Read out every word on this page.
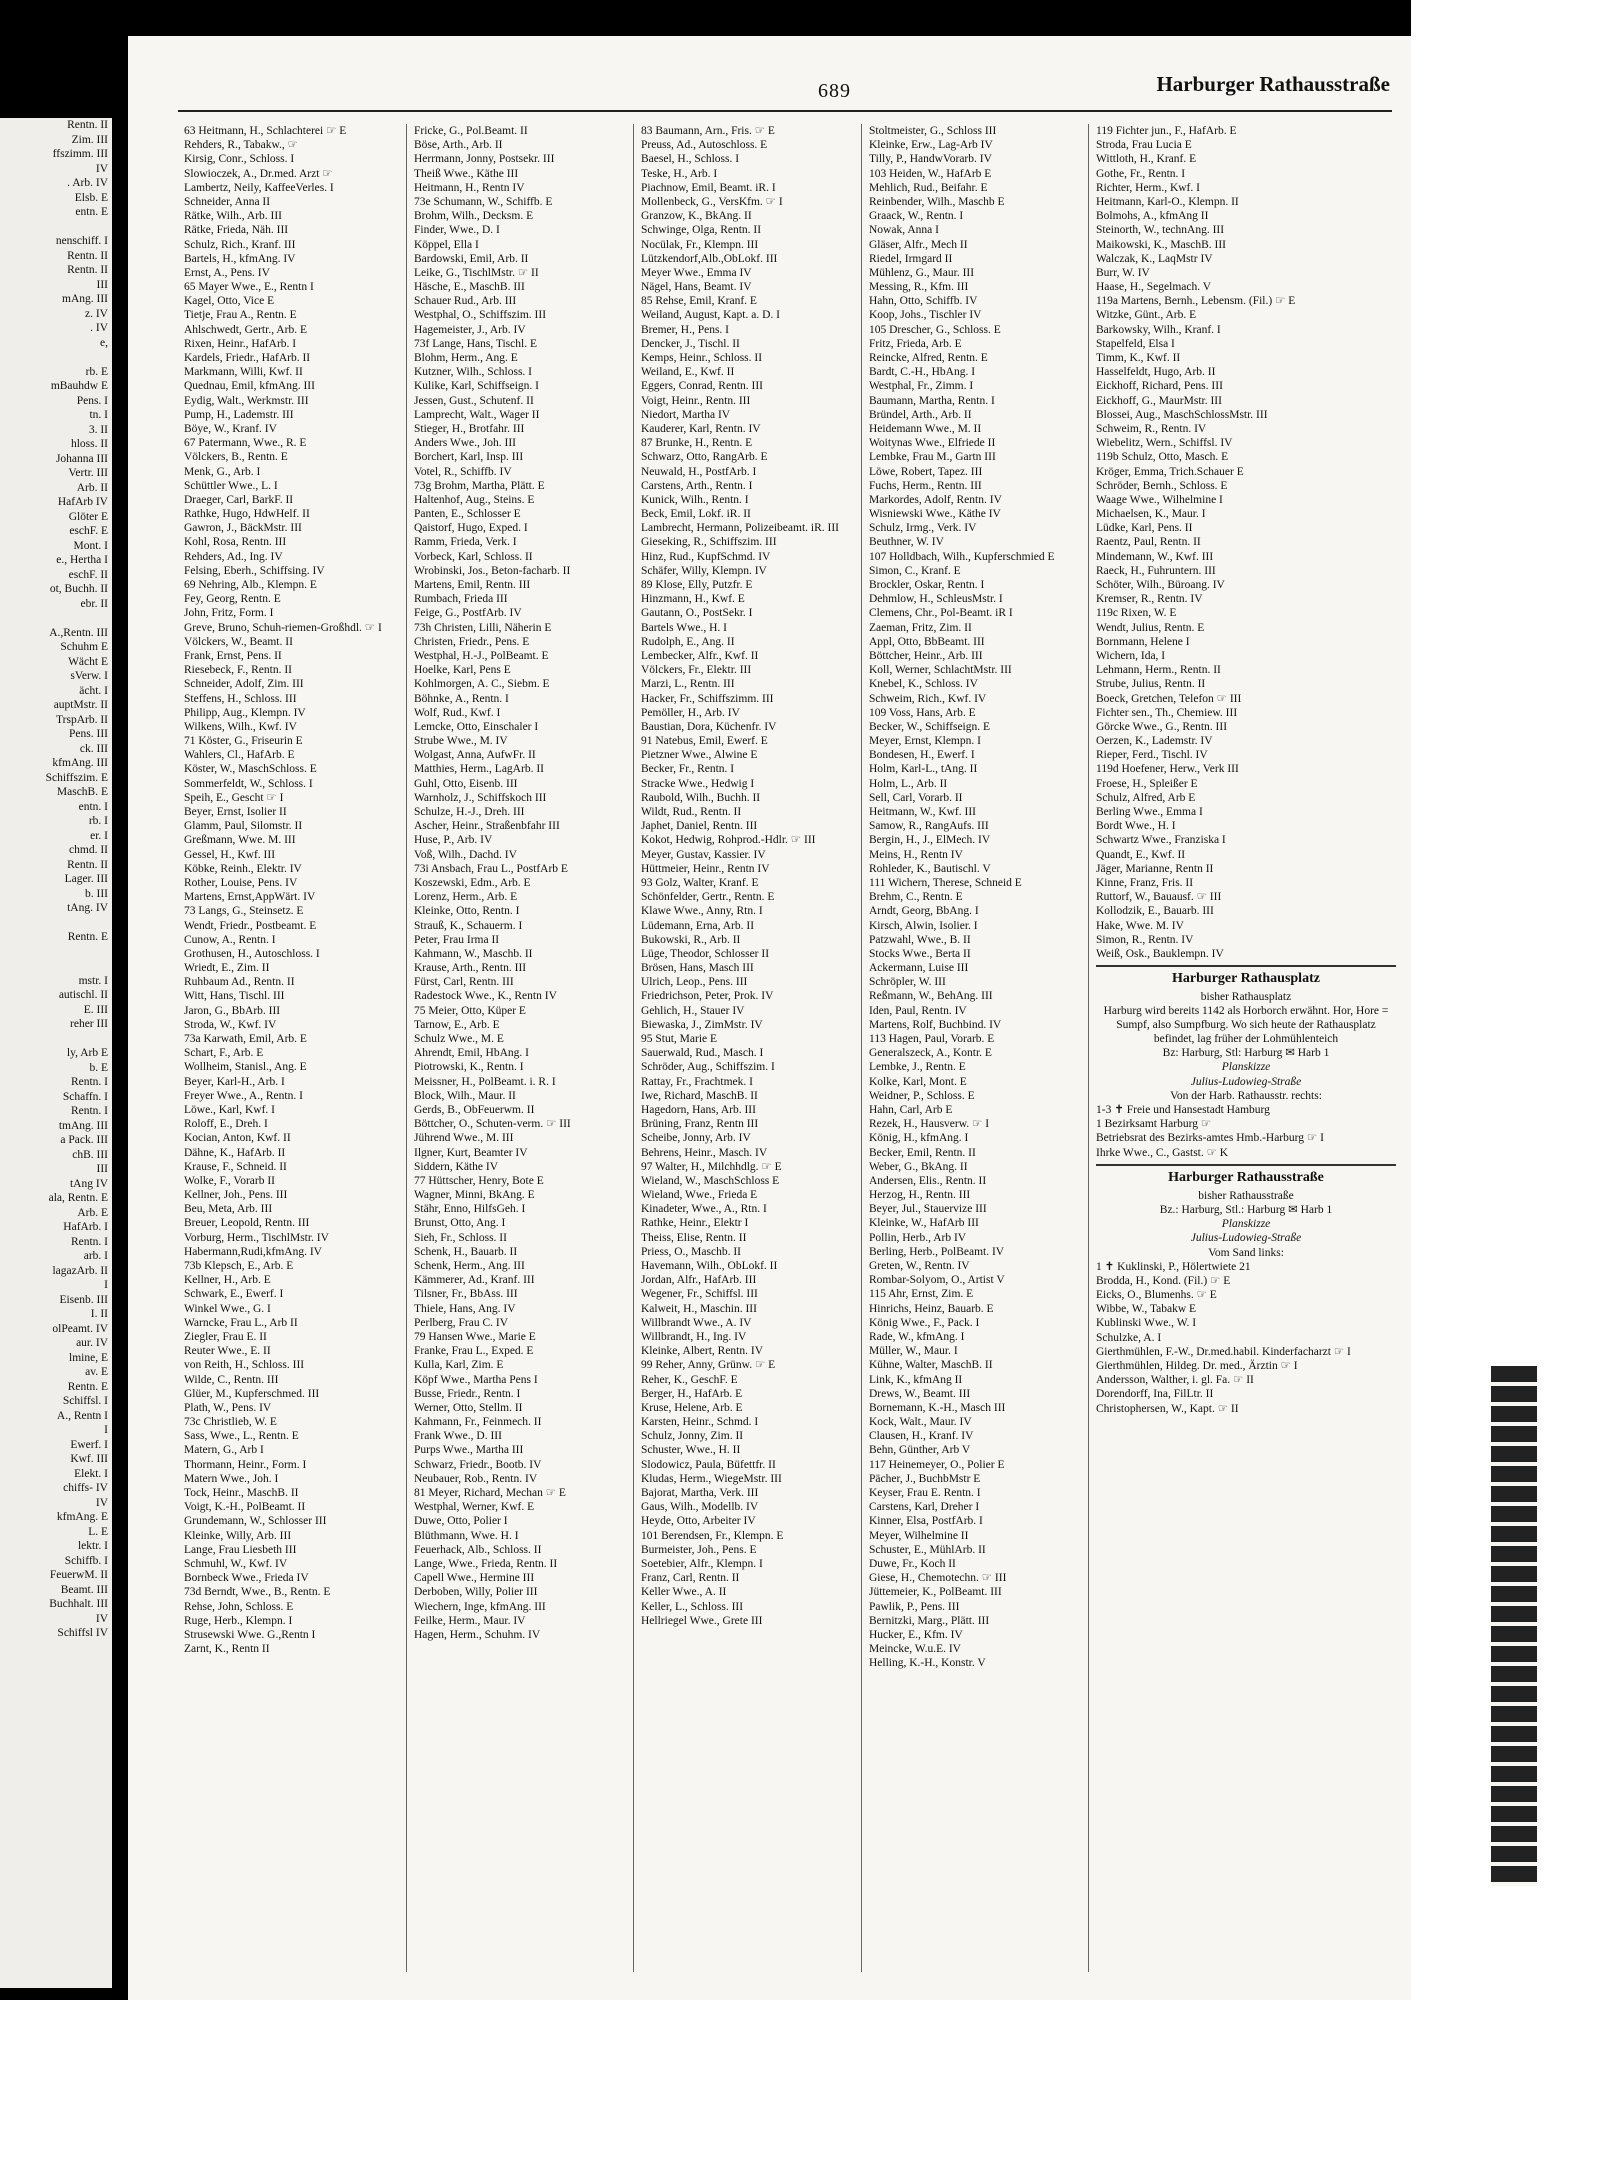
Rentn. II
Zim. III
ffszimm. III
IV
. Arb. IV
Elsb. E
entn. E
nenschiff. I
Rentn. II
Rentn. II
III
mAng. III
z. IV
. IV
e,
rb. E
mBauhdw E
Pens. I
tn. I
3. II
hloss. II
Johanna III
Vertr. III
Arb. II
HafArb IV
Glöter E
eschF. E
Mont. I
e., Hertha I
eschF. II
ot, Buchh. II
ebr. II
A.,Rentn. III
Schuhm E
Wächt E
sVerw. I
ächt. I
auptMstr. II
TrspArb. II
Pens. III
ck. III
kfmAng. III
Schiffszim. E
MaschB. E
entn. I
rb. I
er. I
chmd. II
Rentn. II
Lager. III
b. III
tAng. IV
Rentn. E
mstr. I
autischl. II
E. III
reher III
ly, Arb E
b. E
Rentn. I
Schaffn. I
Rentn. I
tmAng. III
a Pack. III
chB. III
III
tAng IV
ala, Rentn. E
Arb. E
HafArb. I
Rentn. I
arb. I
lagazArb. II
I
Eisenb. III
I. II
olPeamt. IV
aur. IV
lmine, E
av. E
Rentn. E
Schiffsl. I
A., Rentn I
I
Ewerf. I
Kwf. III
Elekt. I
chiffs- IV
IV
kfmAng. E
L. E
lektr. I
Schiffb. I
FeuerwM. II
Beamt. III
Buchhalt. III
IV
Schiffsl IV
689	Harburger Rathausstraße
63 Heitmann, H., Schlachterei ☞ E
Rehders, R., Tabakw., ☞
Kirsig, Conr., Schloss. I
Slowioczek, A., Dr.med. Arzt ☞
Lambertz, Neily, KaffeeVerles. I
Schneider, Anna II
Rätke, Wilh., Arb. III
Rätke, Frieda, Näh. III
Schulz, Rich., Kranf. III
Bartels, H., kfmAng. IV
Ernst, A., Pens. IV
65 Mayer Wwe., E., Rentn I
Kagel, Otto, Vice E
Tietje, Frau A., Rentn. E
Ahlschwedt, Gertr., Arb. E
Rixen, Heinr., HafArb. I
Kardels, Friedr., HafArb. II
Markmann, Willi, Kwf. II
Quednau, Emil, kfmAng. III
Eydig, Walt., Werkmstr. III
Pump, H., Lademstr. III
Böye, W., Kranf. IV
67 Patermann, Wwe., R. E
Völckers, B., Rentn. E
Menk, G., Arb. I
Schüttler Wwe., L. I
Draeger, Carl, BarkF. II
Rathke, Hugo, HdwHelf. II
Gawron, J., BäckMstr. III
Kohl, Rosa, Rentn. III
Rehders, Ad., Ing. IV
Felsing, Eberh., Schiffsing. IV
69 Nehring, Alb., Klempn. E
Fey, Georg, Rentn. E
John, Fritz, Form. I
Greve, Bruno, Schuh-riemen-Großhdl. ☞ I
Völckers, W., Beamt. II
Frank, Ernst, Pens. II
Riesebeck, F., Rentn. II
Schneider, Adolf, Zim. III
Steffens, H., Schloss. III
Philipp, Aug., Klempn. IV
Wilkens, Wilh., Kwf. IV
71 Köster, G., Friseurin E
Wahlers, Cl., HafArb. E
Köster, W., MaschSchloss. E
Sommerfeldt, W., Schloss. I
Speih, E., Gescht ☞ I
Beyer, Ernst, Isolier II
Glamm, Paul, Silomstr. II
Greßmann, Wwe. M. III
Gessel, H., Kwf. III
Köbke, Reinh., Elektr. IV
Rother, Louise, Pens. IV
Martens, Ernst,AppWärt. IV
73 Langs, G., Steinsetz. E
Wendt, Friedr., Postbeamt. E
Cunow, A., Rentn. I
Grothusen, H., Autoschloss. I
Wriedt, E., Zim. II
Ruhbaum Ad., Rentn. II
Witt, Hans, Tischl. III
Jaron, G., BbArb. III
Stroda, W., Kwf. IV
73a Karwath, Emil, Arb. E
Schart, F., Arb. E
Wollheim, Stanisl., Ang. E
Beyer, Karl-H., Arb. I
Freyer Wwe., A., Rentn. I
Löwe., Karl, Kwf. I
Roloff, E., Dreh. I
Kocian, Anton, Kwf. II
Dähne, K., HafArb. II
Krause, F., Schneid. II
Wolke, F., Vorarb II
Kellner, Joh., Pens. III
Beu, Meta, Arb. III
Breuer, Leopold, Rentn. III
Vorburg, Herm., TischlMstr. IV
Habermann,Rudi,kfmAng. IV
73b Klepsch, E., Arb. E
Kellner, H., Arb. E
Schwark, E., Ewerf. I
Winkel Wwe., G. I
Warncke, Frau L., Arb II
Ziegler, Frau E. II
Reuter Wwe., E. II
von Reith, H., Schloss. III
Wilde, C., Rentn. III
Glüer, M., Kupferschmed. III
Plath, W., Pens. IV
73c Christlieb, W. E
Sass, Wwe., L., Rentn. E
Matern, G., Arb I
Thormann, Heinr., Form. I
Matern Wwe., Joh. I
Tock, Heinr., MaschB. II
Voigt, K.-H., PolBeamt. II
Grundemann, W., Schlosser III
Kleinke, Willy, Arb. III
Lange, Frau Liesbeth III
Schmuhl, W., Kwf. IV
Bornbeck Wwe., Frieda IV
73d Berndt, Wwe., B., Rentn. E
Rehse, John, Schloss. E
Ruge, Herb., Klempn. I
Strusewski Wwe. G.,Rentn I
Zarnt, K., Rentn II
Fricke, G., Pol.Beamt. II
Böse, Arth., Arb. II
Herrmann, Jonny, Postsekr. III
Theiß Wwe., Käthe III
Heitmann, H., Rentn IV
73e Schumann, W., Schiffb. E
Brohm, Wilh., Decksm. E
Finder, Wwe., D. I
Köppel, Ella I
Bardowski, Emil, Arb. II
Leike, G., TischlMstr. ☞ II
Häsche, E., MaschB. III
Schauer Rud., Arb. III
Westphal, O., Schiffszim. III
Hagemeister, J., Arb. IV
73f Lange, Hans, Tischl. E
Blohm, Herm., Ang. E
Kutzner, Wilh., Schloss. I
Kulike, Karl, Schiffseign. I
Jessen, Gust., Schutenf. II
Lamprecht, Walt., Wager II
Stieger, H., Brotfahr. III
Anders Wwe., Joh. III
Borchert, Karl, Insp. III
Votel, R., Schiffb. IV
73g Brohm, Martha, Plätt. E
Haltenhof, Aug., Steins. E
Panten, E., Schlosser E
Qaistorf, Hugo, Exped. I
Ramm, Frieda, Verk. I
Vorbeck, Karl, Schloss. II
Wrobinski, Jos., Beton-facharb. II
Martens, Emil, Rentn. III
Rumbach, Frieda III
Feige, G., PostfArb. IV
73h Christen, Lilli, Näherin E
Christen, Friedr., Pens. E
Westphal, H.-J., PolBeamt. E
Hoelke, Karl, Pens E
Kohlmorgen, A. C., Siebm. E
Böhnke, A., Rentn. I
Wolf, Rud., Kwf. I
Lemcke, Otto, Einschaler I
Strube Wwe., M. IV
Wolgast, Anna, AufwFr. II
Matthies, Herm., LagArb. II
Guhl, Otto, Eisenb. III
Warnholz, J., Schiffskoch III
Schulze, H.-J., Dreh. III
Ascher, Heinr., Straßenbfahr III
Huse, P., Arb. IV
Voß, Wilh., Dachd. IV
73i Ansbach, Frau L., PostfArb E
Koszewski, Edm., Arb. E
Lorenz, Herm., Arb. E
Kleinke, Otto, Rentn. I
Strauß, K., Schauerm. I
Peter, Frau Irma II
Kahmann, W., Maschb. II
Krause, Arth., Rentn. III
Fürst, Carl, Rentn. III
Radestock Wwe., K., Rentn IV
75 Meier, Otto, Küper E
Tarnow, E., Arb. E
Schulz Wwe., M. E
Ahrendt, Emil, HbAng. I
Piotrowski, K., Rentn. I
Meissner, H., PolBeamt. i. R. I
Block, Wilh., Maur. II
Gerds, B., ObFeuerwm. II
Böttcher, O., Schuten-verm. ☞ III
Jührend Wwe., M. III
Ilgner, Kurt, Beamter IV
Siddern, Käthe IV
77 Hüttscher, Henry, Bote E
Wagner, Minni, BkAng. E
Stähr, Enno, HilfsGeh. I
Brunst, Otto, Ang. I
Sieh, Fr., Schloss. II
Schenk, H., Bauarb. II
Schenk, Herm., Ang. III
Kämmerer, Ad., Kranf. III
Tilsner, Fr., BbAss. III
Thiele, Hans, Ang. IV
Perlberg, Frau C. IV
79 Hansen Wwe., Marie E
Franke, Frau L., Exped. E
Kulla, Karl, Zim. E
Köpf Wwe., Martha Pens I
Busse, Friedr., Rentn. I
Werner, Otto, Stellm. II
Kahmann, Fr., Feinmech. II
Frank Wwe., D. III
Purps Wwe., Martha III
Schwarz, Friedr., Bootb. IV
Neubauer, Rob., Rentn. IV
81 Meyer, Richard, Mechan ☞ E
Westphal, Werner, Kwf. E
Duwe, Otto, Polier I
Blüthmann, Wwe. H. I
Feuerhack, Alb., Schloss. II
Lange, Wwe., Frieda, Rentn. II
Capell Wwe., Hermine III
Derboben, Willy, Polier III
Wiechern, Inge, kfmAng. III
Feilke, Herm., Maur. IV
Hagen, Herm., Schuhm. IV
83 Baumann, Arn., Fris. ☞ E
Preuss, Ad., Autoschloss. E
Baesel, H., Schloss. I
Teske, H., Arb. I
Piachnow, Emil, Beamt. iR. I
Mollenbeck, G., VersKfm. ☞ I
Granzow, K., BkAng. II
Schwinge, Olga, Rentn. II
Nocülak, Fr., Klempn. III
Lützkendorf,Alb.,ObLokf. III
Meyer Wwe., Emma IV
Nägel, Hans, Beamt. IV
85 Rehse, Emil, Kranf. E
Weiland, August, Kapt. a. D. I
Bremer, H., Pens. I
Dencker, J., Tischl. II
Kemps, Heinr., Schloss. II
Weiland, E., Kwf. II
Eggers, Conrad, Rentn. III
Voigt, Heinr., Rentn. III
Niedort, Martha IV
Kauderer, Karl, Rentn. IV
87 Brunke, H., Rentn. E
Schwarz, Otto, RangArb. E
Neuwald, H., PostfArb. I
Carstens, Arth., Rentn. I
Kunick, Wilh., Rentn. I
Beck, Emil, Lokf. iR. II
Lambrecht, Hermann, Polizeibeamt. iR. III
Gieseking, R., Schiffszim. III
Hinz, Rud., KupfSchmd. IV
Schäfer, Willy, Klempn. IV
89 Klose, Elly, Putzfr. E
Hinzmann, H., Kwf. E
Gautann, O., PostSekr. I
Bartels Wwe., H. I
Rudolph, E., Ang. II
Lembecker, Alfr., Kwf. II
Völckers, Fr., Elektr. III
Marzi, L., Rentn. III
Hacker, Fr., Schiffszimm. III
Pemöller, H., Arb. IV
Baustian, Dora, Küchenfr. IV
91 Natebus, Emil, Ewerf. E
Pietzner Wwe., Alwine E
Becker, Fr., Rentn. I
Stracke Wwe., Hedwig I
Raubold, Wilh., Buchh. II
Wildt, Rud., Rentn. II
Japhet, Daniel, Rentn. III
Kokot, Hedwig, Rohprod.-Hdlr. ☞ III
Meyer, Gustav, Kassier. IV
Hüttmeier, Heinr., Rentn IV
93 Golz, Walter, Kranf. E
Schönfelder, Gertr., Rentn. E
Klawe Wwe., Anny, Rtn. I
Lüdemann, Erna, Arb. II
Bukowski, R., Arb. II
Lüge, Theodor, Schlosser II
Brösen, Hans, Masch III
Ulrich, Leop., Pens. III
Friedrichson, Peter, Prok. IV
Gehlich, H., Stauer IV
Biewaska, J., ZimMstr. IV
95 Stut, Marie E
Sauerwald, Rud., Masch. I
Schröder, Aug., Schiffszim. I
Rattay, Fr., Frachtmek. I
Iwe, Richard, MaschB. II
Hagedorn, Hans, Arb. III
Brüning, Franz, Rentn III
Scheibe, Jonny, Arb. IV
Behrens, Heinr., Masch. IV
97 Walter, H., Milchhdlg. ☞ E
Wieland, W., MaschSchloss E
Wieland, Wwe., Frieda E
Kinadeter, Wwe., A., Rtn. I
Rathke, Heinr., Elektr I
Theiss, Elise, Rentn. II
Priess, O., Maschb. II
Havemann, Wilh., ObLokf. II
Jordan, Alfr., HafArb. III
Wegener, Fr., Schiffsl. III
Kalweit, H., Maschin. III
Willbrandt Wwe., A. IV
Willbrandt, H., Ing. IV
Kleinke, Albert, Rentn. IV
99 Reher, Anny, Grünw. ☞ E
Reher, K., GeschF. E
Berger, H., HafArb. E
Kruse, Helene, Arb. E
Karsten, Heinr., Schmd. I
Schulz, Jonny, Zim. II
Schuster, Wwe., H. II
Slodowicz, Paula, Büfettfr. II
Kludas, Herm., WiegeMstr. III
Bajorat, Martha, Verk. III
Gaus, Wilh., Modellb. IV
Heyde, Otto, Arbeiter IV
101 Berendsen, Fr., Klempn. E
Burmeister, Joh., Pens. E
Soetebier, Alfr., Klempn. I
Franz, Carl, Rentn. II
Keller Wwe., A. II
Keller, L., Schloss. III
Hellriegel Wwe., Grete III
Stoltmeister, G., Schloss III
Kleinke, Erw., Lag-Arb IV
Tilly, P., HandwVorarb. IV
103 Heiden, W., HafArb E
Mehlich, Rud., Beifahr. E
Reinbender, Wilh., Maschb E
Graack, W., Rentn. I
Nowak, Anna I
Gläser, Alfr., Mech II
Riedel, Irmgard II
Mühlenz, G., Maur. III
Messing, R., Kfm. III
Hahn, Otto, Schiffb. IV
Koop, Johs., Tischler IV
105 Drescher, G., Schloss. E
Fritz, Frieda, Arb. E
Reincke, Alfred, Rentn. E
Bardt, C.-H., HbAng. I
Westphal, Fr., Zimm. I
Baumann, Martha, Rentn. I
Bründel, Arth., Arb. II
Heidemann Wwe., M. II
Woitynas Wwe., Elfriede II
Lembke, Frau M., Gartn III
Löwe, Robert, Tapez. III
Fuchs, Herm., Rentn. III
Markordes, Adolf, Rentn. IV
Wisniewski Wwe., Käthe IV
Schulz, Irmg., Verk. IV
Beuthner, W. IV
107 Holldbach, Wilh., Kupferschmied E
Simon, C., Kranf. E
Brockler, Oskar, Rentn. I
Dehmlow, H., SchleusMstr. I
Clemens, Chr., Pol-Beamt. iR I
Zaeman, Fritz, Zim. II
Appl, Otto, BbBeamt. III
Böttcher, Heinr., Arb. III
Koll, Werner, SchlachtMstr. III
Knebel, K., Schloss. IV
Schweim, Rich., Kwf. IV
109 Voss, Hans, Arb. E
Becker, W., Schiffseign. E
Meyer, Ernst, Klempn. I
Bondesen, H., Ewerf. I
Holm, Karl-L., tAng. II
Holm, L., Arb. II
Sell, Carl, Vorarb. II
Heitmann, W., Kwf. III
Samow, R., RangAufs. III
Bergin, H., J., ElMech. IV
Meins, H., Rentn IV
Rohleder, K., Bautischl. V
111 Wichern, Therese, Schneid E
Brehm, C., Rentn. E
Arndt, Georg, BbAng. I
Kirsch, Alwin, Isolier. I
Patzwahl, Wwe., B. II
Stocks Wwe., Berta II
Ackermann, Luise III
Schröpler, W. III
Reßmann, W., BehAng. III
Iden, Paul, Rentn. IV
Martens, Rolf, Buchbind. IV
113 Hagen, Paul, Vorarb. E
Generalszeck, A., Kontr. E
Lembke, J., Rentn. E
Kolke, Karl, Mont. E
Weidner, P., Schloss. E
Hahn, Carl, Arb E
Rezek, H., Hausverw. ☞ I
König, H., kfmAng. I
Becker, Emil, Rentn. II
Weber, G., BkAng. II
Andersen, Elis., Rentn. II
Herzog, H., Rentn. III
Beyer, Jul., Stauervize III
Kleinke, W., HafArb III
Pollin, Herb., Arb IV
Berling, Herb., PolBeamt. IV
Greten, W., Rentn. IV
Rombar-Solyom, O., Artist V
115 Ahr, Ernst, Zim. E
Hinrichs, Heinz, Bauarb. E
König Wwe., F., Pack. I
Rade, W., kfmAng. I
Müller, W., Maur. I
Kühne, Walter, MaschB. II
Link, K., kfmAng II
Drews, W., Beamt. III
Bornemann, K.-H., Masch III
Kock, Walt., Maur. IV
Clausen, H., Kranf. IV
Behn, Günther, Arb V
117 Heinemeyer, O., Polier E
Pächer, J., BuchbMstr E
Keyser, Frau E. Rentn. I
Carstens, Karl, Dreher I
Kinner, Elsa, PostfArb. I
Meyer, Wilhelmine II
Schuster, E., MühlArb. II
Duwe, Fr., Koch II
Giese, H., Chemotechn. ☞ III
Jüttemeier, K., PolBeamt. III
Pawlik, P., Pens. III
Bernitzki, Marg., Plätt. III
Hucker, E., Kfm. IV
Meincke, W.u.E. IV
Helling, K.-H., Konstr. V
119 Fichter jun., F., HafArb. E
Stroda, Frau Lucia E
Wittloth, H., Kranf. E
Gothe, Fr., Rentn. I
Richter, Herm., Kwf. I
Heitmann, Karl-O., Klempn. II
Bolmohs, A., kfmAng II
Steinorth, W., technAng. III
Maikowski, K., MaschB. III
Walczak, K., LaqMstr IV
Burr, W. IV
Haase, H., Segelmach. V
119a Martens, Bernh., Lebensm. (Fil.) ☞ E
Witzke, Günt., Arb. E
Barkowsky, Wilh., Kranf. I
Stapelfeld, Elsa I
Timm, K., Kwf. II
Hasselfeldt, Hugo, Arb. II
Eickhoff, Richard, Pens. III
Eickhoff, G., MaurMstr. III
Blossei, Aug., MaschSchlossMstr. III
Schweim, R., Rentn. IV
Wiebelitz, Wern., Schiffsl. IV
119b Schulz, Otto, Masch. E
Kröger, Emma, Trich.Schauer E
Schröder, Bernh., Schloss. E
Waage Wwe., Wilhelmine I
Michaelsen, K., Maur. I
Lüdke, Karl, Pens. II
Raentz, Paul, Rentn. II
Mindemann, W., Kwf. III
Raeck, H., Fuhruntern. III
Schöter, Wilh., Büroang. IV
Kremser, R., Rentn. IV
119c Rixen, W. E
Wendt, Julius, Rentn. E
Bornmann, Helene I
Wichern, Ida, I
Lehmann, Herm., Rentn. II
Strube, Julius, Rentn. II
Boeck, Gretchen, Telefon ☞ III
Fichter sen., Th., Chemiew. III
Görcke Wwe., G., Rentn. III
Oerzen, K., Lademstr. IV
Rieper, Ferd., Tischl. IV
119d Hoefener, Herw., Verk III
Froese, H., Spleißer E
Schulz, Alfred, Arb E
Berling Wwe., Emma I
Bordt Wwe., H. I
Schwartz Wwe., Franziska I
Quandt, E., Kwf. II
Jäger, Marianne, Rentn II
Kinne, Franz, Fris. II
Ruttorf, W., Bauausf. ☞ III
Kollodzik, E., Bauarb. III
Hake, Wwe. M. IV
Simon, R., Rentn. IV
Weiß, Osk., Bauklempn. IV
Harburger Rathausplatz
bisher Rathausplatz
Harburg wird bereits 1142 als Horborch erwähnt. Hor, Hore = Sumpf, also Sumpfburg. Wo sich heute der Rathausplatz befindet, lag früher der Lohmühlenteich
Bz: Harburg, Stl: Harburg ✉ Harb 1
Planskizze
Julius-Ludowieg-Straße
Von der Harb. Rathausstr. rechts:
1-3 ✝ Freie und Hansestadt Hamburg
1 Bezirksamt Harburg ☞
Betriebsrat des Bezirks-amtes Hmb.-Harburg ☞ I
Ihrke Wwe., C., Gastst. ☞ K
Harburger Rathausstraße
bisher Rathausstraße
Bz.: Harburg, Stl.: Harburg ✉ Harb 1
Planskizze
Julius-Ludowieg-Straße
Vom Sand links:
1 ✝ Kuklinski, P., Hölertwiete 21
Brodda, H., Kond. (Fil.) ☞ E
Eicks, O., Blumenhs. ☞ E
Wibbe, W., Tabakw E
Kublinski Wwe., W. I
Schulzke, A. I
Gierthmühlen, F.-W., Dr.med.habil. Kinderfacharzt ☞ I
Gierthmühlen, Hildeg. Dr. med., Ärztin ☞ I
Andersson, Walther, i. gl. Fa. ☞ II
Dorendorff, Ina, FilLtr. II
Christophersen, W., Kapt. ☞ II
